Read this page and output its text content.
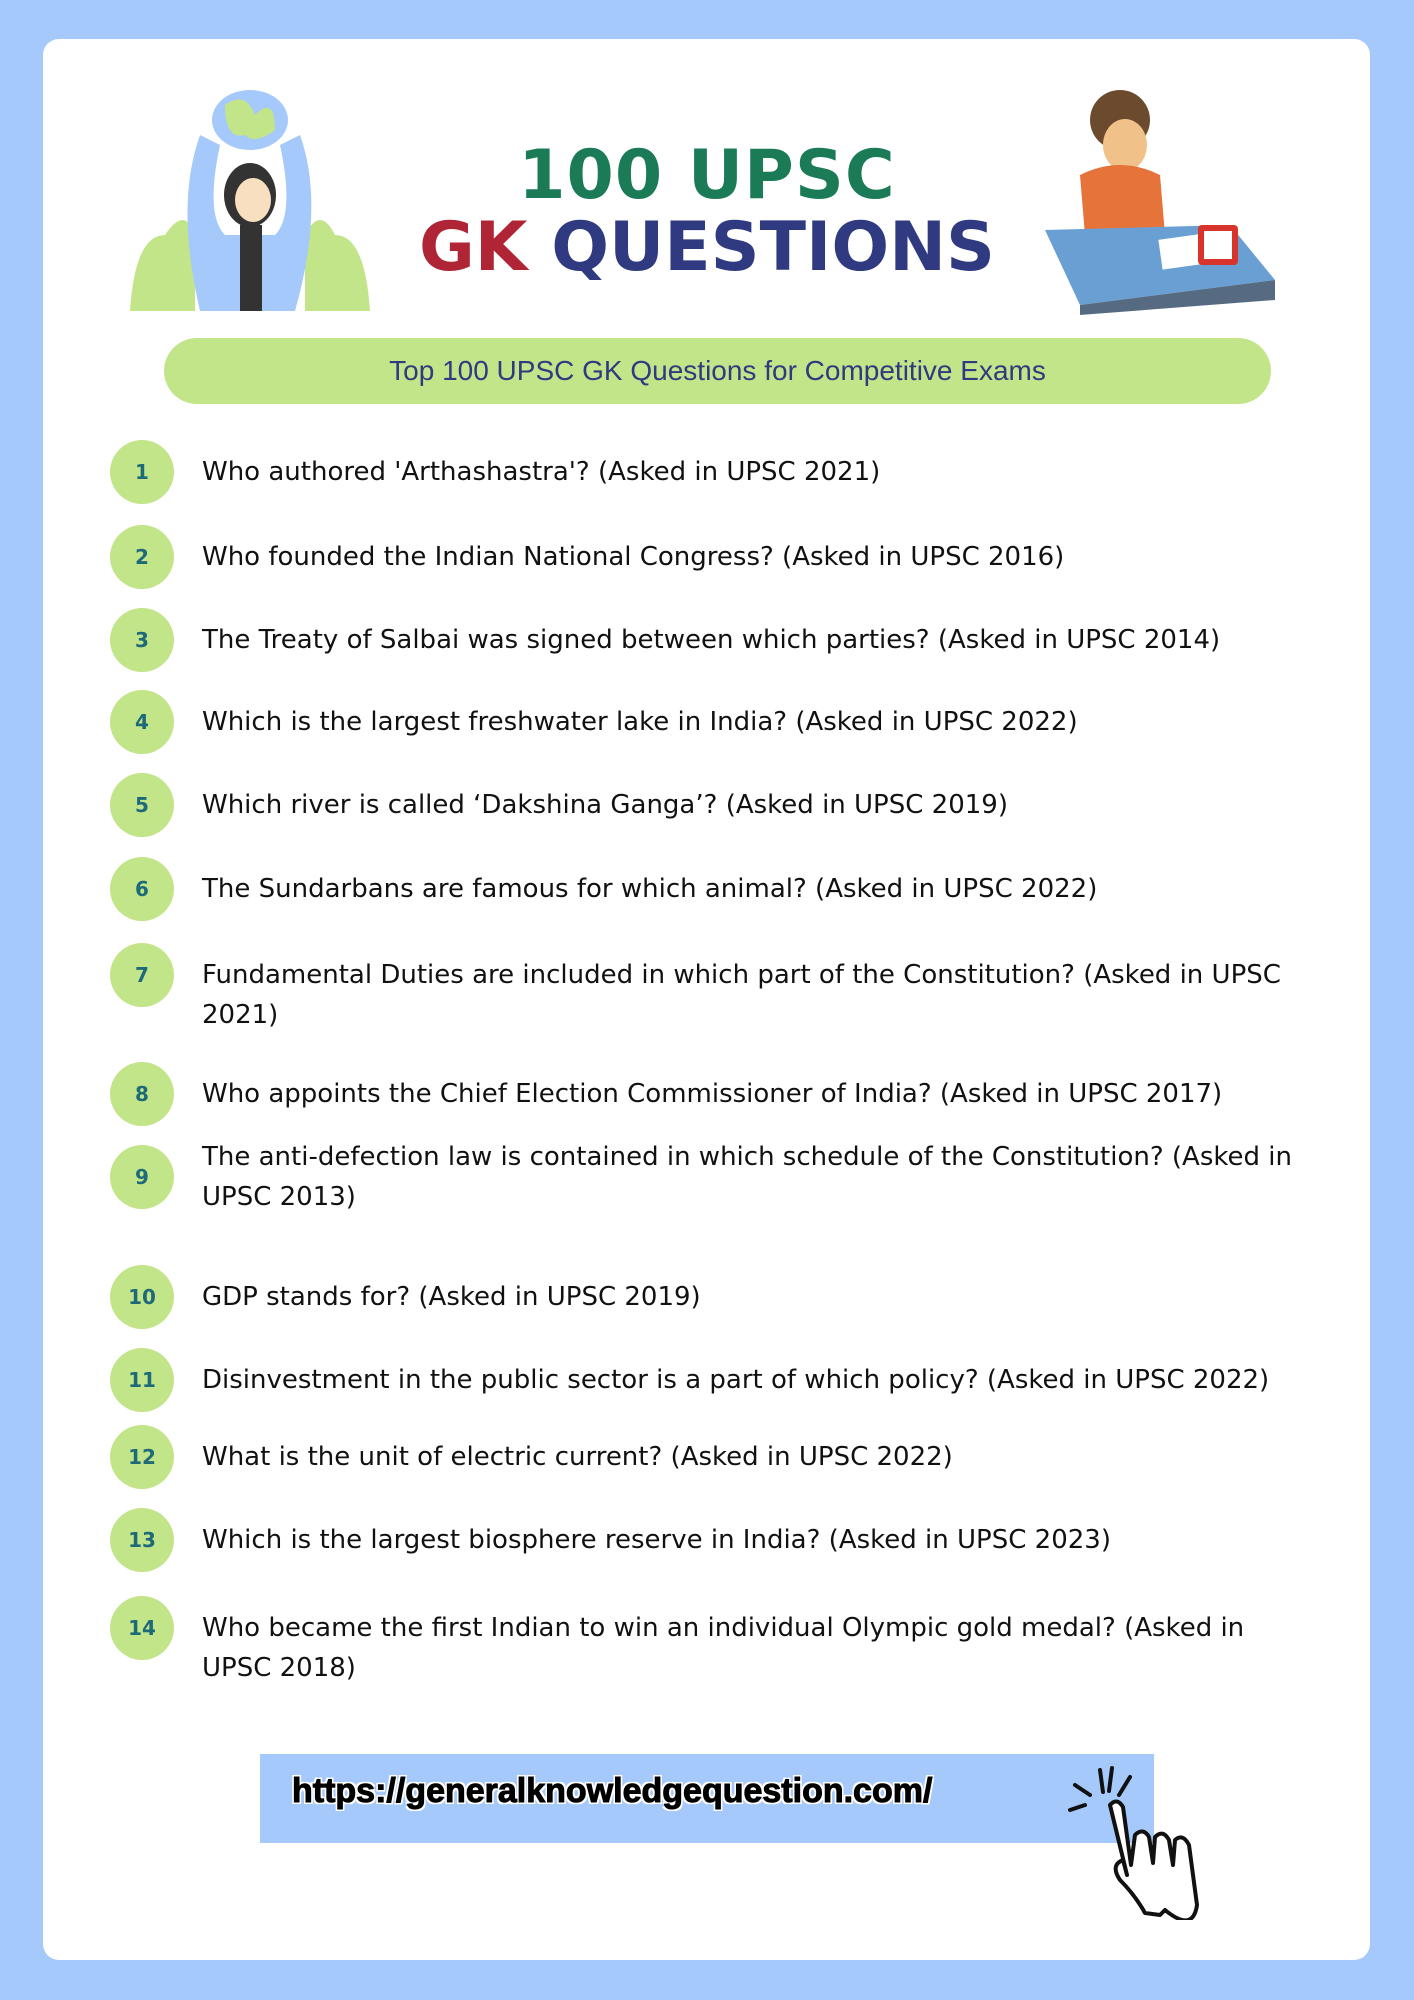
100 UPSC
GK QUESTIONS
Top 100 UPSC GK Questions for Competitive Exams
1	Who authored 'Arthashastra'? (Asked in UPSC 2021)
2	Who founded the Indian National Congress? (Asked in UPSC 2016)
3	The Treaty of Salbai was signed between which parties? (Asked in UPSC 2014)
4	Which is the largest freshwater lake in India? (Asked in UPSC 2022)
5	Which river is called ‘Dakshina Ganga’? (Asked in UPSC 2019)
6	The Sundarbans are famous for which animal? (Asked in UPSC 2022)
7	Fundamental Duties are included in which part of the Constitution? (Asked in UPSC 2021)
8	Who appoints the Chief Election Commissioner of India? (Asked in UPSC 2017)
9
The anti-defection law is contained in which schedule of the Constitution? (Asked in UPSC 2013)
10	GDP stands for? (Asked in UPSC 2019)
11	Disinvestment in the public sector is a part of which policy? (Asked in UPSC 2022)
12	What is the unit of electric current? (Asked in UPSC 2022)
13	Which is the largest biosphere reserve in India? (Asked in UPSC 2023)
14	Who became the first Indian to win an individual Olympic gold medal? (Asked in UPSC 2018)
https://generalknowledgequestion.com/
